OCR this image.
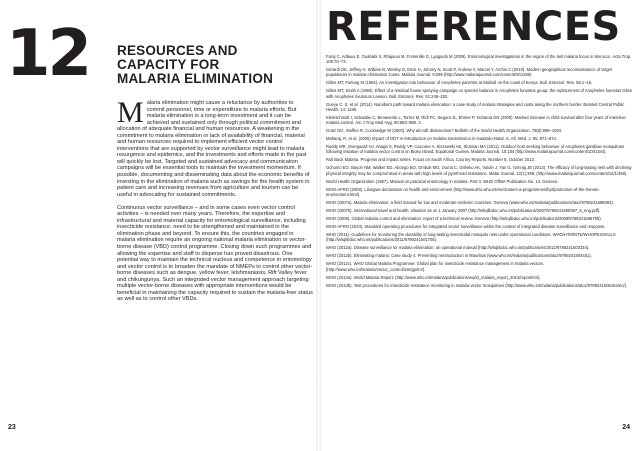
12 RESOURCES AND
CAPACITY FOR
MALARIA ELIMINATION

Malaria elimination might cause a reluctance by authorities to commit personnel, time or expenditure to malaria efforts. But malaria elimination is a long-term investment and it can be achieved and sustained only through political commitment and allocation of adequate financial and human resources. A weakening in the commitment to malaria elimination or lack of availability of financial, material and human resources required to implement efficient vector control interventions that are supported by vector surveillance might lead to malaria resurgence and epidemics, and the investments and efforts made in the past will quickly be lost. Targeted and sustained advocacy and communication campaigns will be essential tools to maintain the investment momentum. If possible, documenting and disseminating data about the economic benefits of investing in the elimination of malaria such as savings for the health system in patient care and increasing revenues from agriculture and tourism can be useful in advocating for sustained commitments.

Continuous vector surveillance – and in some cases even vector control activities – is needed over many years. Therefore, the expertise and infrastructural and material capacity for entomological surveillance, including insecticide resistance, need to be strengthened and maintained in the elimination phase and beyond. To ensure this, the countries engaged in malaria elimination require an ongoing national malaria elimination or vector-borne disease (VBD) control programme. Closing down such programmes and allowing the expertise and staff to disperse has proved disastrous. One potential way to maintain the technical nucleus and competence in entomology and vector control is to broaden the mandate of NMEPs to control other vector-borne diseases such as dengue, yellow fever, leishmaniasis, Rift Valley fever and chikungunya. Such an integrated vector management approach targeting multiple vector-borne diseases with appropriate interventions would be beneficial in maintaining the capacity required to sustain the malaria-free status as well as to control other VBDs.

23
REFERENCES
Faraj C, Adlaoui E, Ouahabi S, Rhajaoui M, Fontenille D, Lyagoubi M (2009). Entomological investigations in the region of the last malaria focus in Morocco. Acta Trop. 109:70–73.
Gerardi DK, Jeffrey H, William B, Wesley D, Erick H, Johnny N, Scott P, Andrew V, Marcel Y, Archie C (2010). Modern geographical reconnaissance of target populations in malaria elimination zones. Malaria Journal. 9:289 (http://www.malariajournal.com/content/9/1/289)
Gilles MT, Furlong M (1964). An investigation into behaviour of Anopheles parensis at Malindi on the coast of Kenya. Bull. Entomol. Res. 55:1–16.
Gilles MT, Smith A (1960). Effect of a residual house spraying campaign on species balance in Anopheles funestus group: the replacement of Anopheles funestus Giles with Anopheles rivulorum Leeson. Bull. Entomol. Res. 51:248–252.
Gueye C. S. et al. (2014). Namibia's path toward malaria elimination: a case study of malaria strategies and costs along the northern border. BioMed Central Public Health. 14: 1190.
Kleinschmidt I, Schwabe C, Benavente L, Torrez M, Ridl FC, Segura JL, Ehmer P, Nchama GN (2009). Marked increase in child survival after four years of intensive malaria control. Am J Trop Med Hyg. 80:882–888. 3.
Gratz NG, Steffen R, Cocksedge W (2000). Why aircraft disinsection? Bulletin of the World Health Organization. 78(8):995–1004.
Maharaj, R. et al. (2005) Impact of DDT re-introduction on malaria transmission in KwaZulu-Natal. S. Afr. Med. J. 95, 871–874.
Reddy MR, Overgaard HJ, Abaga S, Reddy VP, Caccone A, Kiszewski AE, Slotman MA (2011). Outdoor host seeking behaviour of Anopheles gambiae mosquitoes following initiation of malaria vector control on Bioko Island, Equatorial Guinea. Malaria Journal. 10:184 (http://www.malariajournal.com/content/10/1/184).
Roll Back Malaria. Progress and impact series. Focus on South Africa. Country Reports. Number 8, October 2013.
Ochomo EO, Bayoh NM, Walker ED, Abongo BO, Ombok MO, Ouma C, Githeko AK, Vulule J, Yan G, Gimnig JE (2013). The efficacy of long-lasting nets with declining physical integrity may be compromised in areas with high levels of pyrethroid resistance. Malar Journal. 12(1):368, (http://www.malariajournal.com/content/12/1/368).
World Health Organization (1957). Manual on practical entomology in malaria. Part II. WHO Offset Publication No. 13. Geneva.
WHO-AFRO (2008). Lilongwe declaration on health and environment (http://www.afro.who.int/en/clusters-a-programmes/hpr/protection-of-the-human-environment.html).
WHO (2007a). Malaria elimination: a field manual for low and moderate endemic countries. Geneva (www.who.int/malaria/publications/atoz/9789241596084).
WHO (2007b). International travel and health: situation as on 1 January 2007 (http://whqlibdoc.who.int/publications/2007/9789241580397_5_eng.pdf).
WHO (2009). Global malaria control and elimination: report of a technical review. Geneva (http://whqlibdoc.who.int/publications/2008/9789241596756).
WHO-AFRO (2010). Standard operating procedures for integrated vector surveillance within the context of integrated disease surveillance and response.
WHO (2011). Guidelines for monitoring the durability of long-lasting insecticidal mosquito nets under operational conditions. WHO/HTM/NTD/WHOPES/2011.5 (http://whqlibdoc.who.int/publications/2011/9789241501705).
WHO (2012a). Disease surveillance for malaria elimination: an operational manual (http://whqlibdoc.who.int/publications/2012/9789241503334).
WHO (2012b). Eliminating malaria: Case study 4. Preventing reintroduction in Mauritius (www.who.int/malaria/publications/atoz/9789241504461).
WHO (2012c). WHO Global Malaria Programme: Global plan for insecticide resistance management in malaria vectors. (http://www.who.int/malaria/vector_control/ivm/gpirm/).
WHO (2013a). World Malaria Report. (http://www.who.int/malaria/publications/world_malaria_report_2013/report/en/).
WHO (2013b). Test procedures for insecticide resistance monitoring in malaria vector mosquitoes (http://www.who.int/malaria/publications/atoz/9789241505154/en/).
24
